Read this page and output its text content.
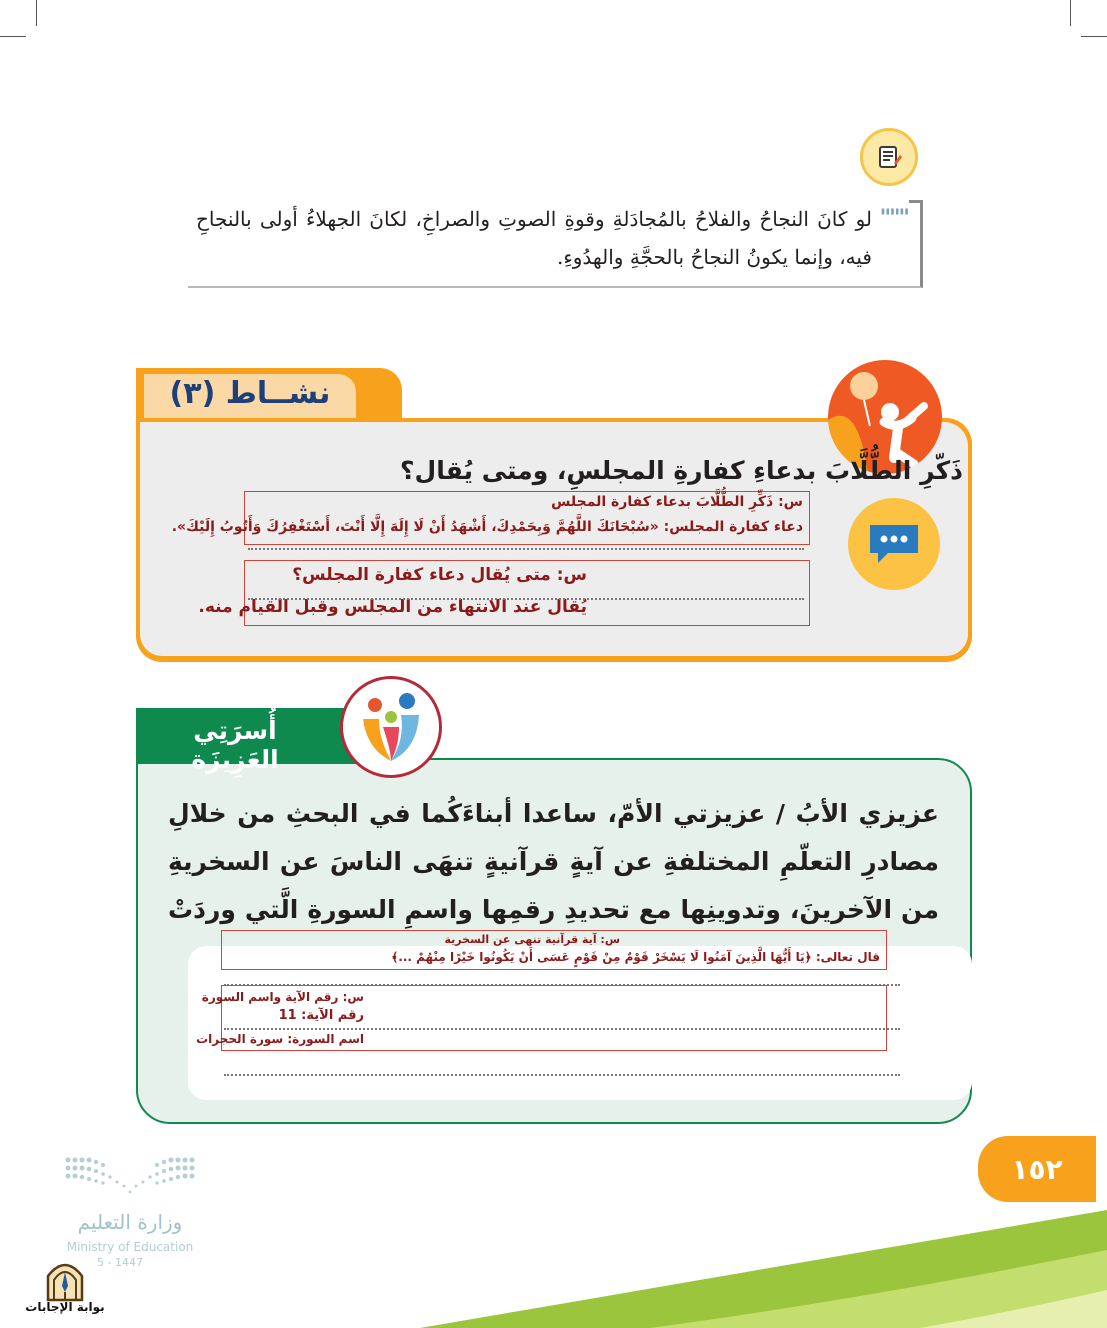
"""
لو كانَ النجاحُ والفلاحُ بالمُجادَلةِ وقوةِ الصوتِ والصراخِ، لكانَ الجهلاءُ أولى بالنجاحِ فيه، وإنما يكونُ النجاحُ بالحجَّةِ والهدُوءِ.
نشــاط (٣)
ذَكّرِ الطُّلَّابَ بدعاءِ كفارةِ المجلسِ، ومتى يُقال؟
س: ذَكِّرِ الطُّلَّابَ بدعاء كفارة المجلس
دعاء كفارة المجلس: «سُبْحَانَكَ اللَّهُمَّ وَبِحَمْدِكَ، أَشْهَدُ أَنْ لَا إِلَهَ إِلَّا أَنْتَ، أَسْتَغْفِرُكَ وَأَتُوبُ إِلَيْكَ».
س: متى يُقال دعاء كفارة المجلس؟
يُقال عند الانتهاء من المجلس وقبل القيام منه.
أُسرَتِي العَزِيزَة
عزيزي الأبُ / عزيزتي الأمّ، ساعدا أبناءَكُما في البحثِ من خلالِ مصادرِ التعلّمِ المختلفةِ عن آيةٍ قرآنيةٍ تنهَى الناسَ عن السخريةِ من الآخرينَ، وتدوينِها مع تحديدِ رقمِها واسمِ السورةِ الَّتي وردَتْ
س: آية قرآنية تنهى عن السخرية
قال تعالى: ﴿يَا أَيُّهَا الَّذِينَ آمَنُوا لَا يَسْخَرْ قَوْمٌ مِنْ قَوْمٍ عَسَى أَنْ يَكُونُوا خَيْرًا مِنْهُمْ ...﴾
س: رقم الآية واسم السورة
رقم الآية: 11
اسم السورة: سورة الحجرات
١٥٢
وزارة التعليم
Ministry of Education
5 - 1447
بوابة الإجابات
